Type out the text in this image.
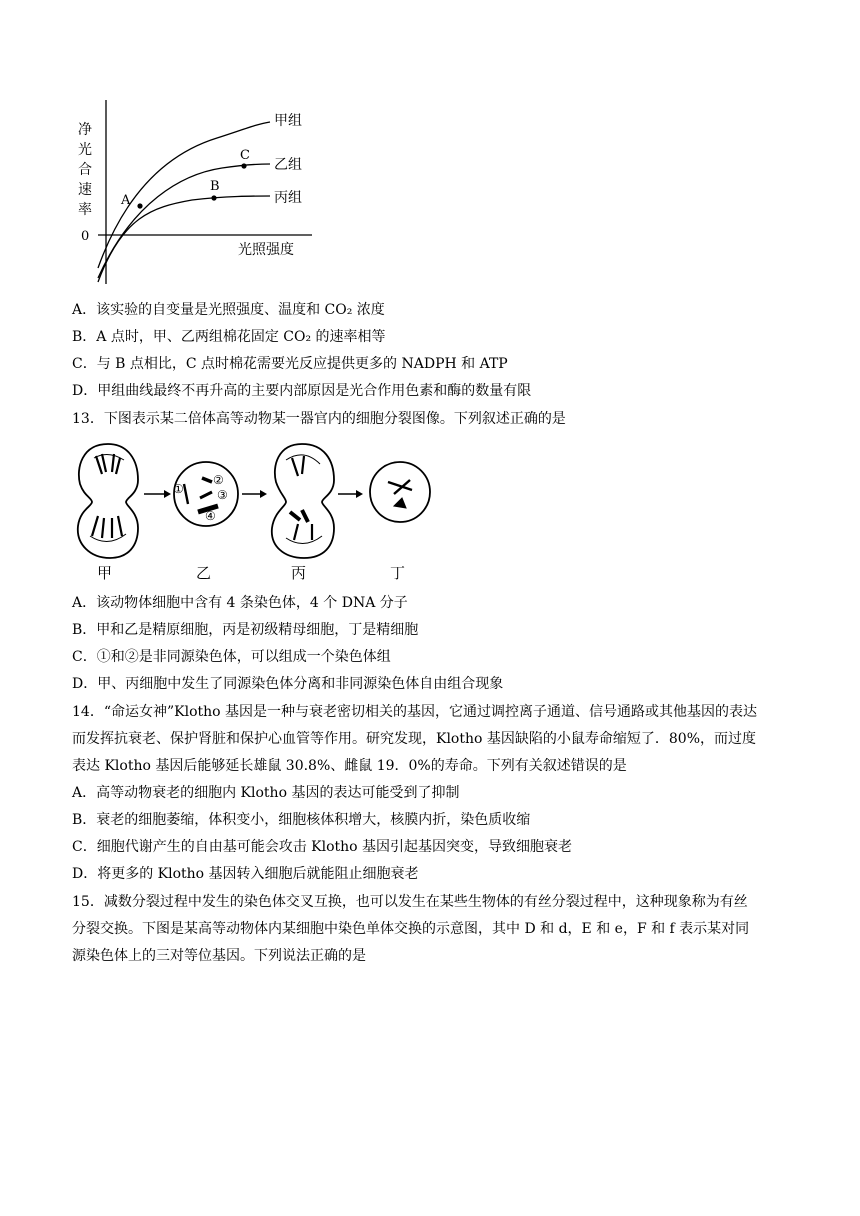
净
光
合
速
率
0
光照强度
甲组
乙组
丙组
A
B
C
A．该实验的自变量是光照强度、温度和 CO₂ 浓度
B．A 点时，甲、乙两组棉花固定 CO₂ 的速率相等
C．与 B 点相比，C 点时棉花需要光反应提供更多的 NADPH 和 ATP
D．甲组曲线最终不再升高的主要内部原因是光合作用色素和酶的数量有限
13．下图表示某二倍体高等动物某一器官内的细胞分裂图像。下列叙述正确的是
甲
①
②
③
④
乙	丙	丁
A．该动物体细胞中含有 4 条染色体，4 个 DNA 分子
B．甲和乙是精原细胞，丙是初级精母细胞，丁是精细胞
C．①和②是非同源染色体，可以组成一个染色体组
D．甲、丙细胞中发生了同源染色体分离和非同源染色体自由组合现象
14．“命运女神”Klotho 基因是一种与衰老密切相关的基因，它通过调控离子通道、信号通路或其他基因的表达
而发挥抗衰老、保护肾脏和保护心血管等作用。研究发现，Klotho 基因缺陷的小鼠寿命缩短了．80%，而过度
表达 Klotho 基因后能够延长雄鼠 30.8%、雌鼠 19．0%的寿命。下列有关叙述错误的是
A．高等动物衰老的细胞内 Klotho 基因的表达可能受到了抑制
B．衰老的细胞萎缩，体积变小，细胞核体积增大，核膜内折，染色质收缩
C．细胞代谢产生的自由基可能会攻击 Klotho 基因引起基因突变，导致细胞衰老
D．将更多的 Klotho 基因转入细胞后就能阻止细胞衰老
15．减数分裂过程中发生的染色体交叉互换，也可以发生在某些生物体的有丝分裂过程中，这种现象称为有丝
分裂交换。下图是某高等动物体内某细胞中染色单体交换的示意图，其中 D 和 d，E 和 e，F 和 f 表示某对同
源染色体上的三对等位基因。下列说法正确的是
